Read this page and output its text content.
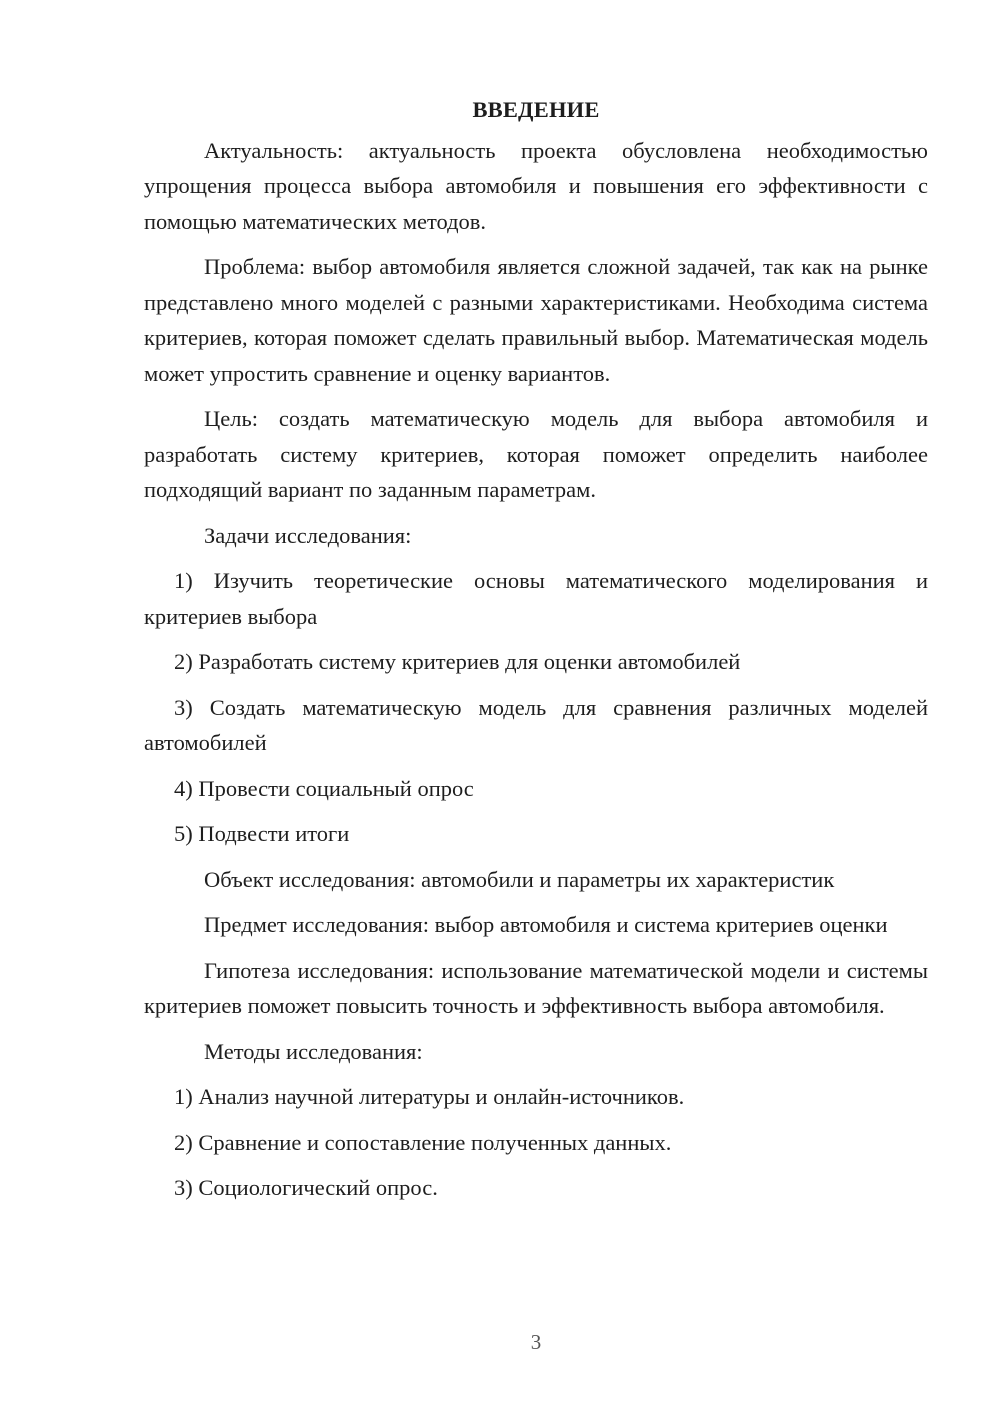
ВВЕДЕНИЕ

Актуальность: актуальность проекта обусловлена необходимостью упрощения процесса выбора автомобиля и повышения его эффективности с помощью математических методов.

Проблема: выбор автомобиля является сложной задачей, так как на рынке представлено много моделей с разными характеристиками. Необходима система критериев, которая поможет сделать правильный выбор. Математическая модель может упростить сравнение и оценку вариантов.

Цель: создать математическую модель для выбора автомобиля и разработать систему критериев, которая поможет определить наиболее подходящий вариант по заданным параметрам.

Задачи исследования:

1) Изучить теоретические основы математического моделирования и критериев выбора

2) Разработать систему критериев для оценки автомобилей

3) Создать математическую модель для сравнения различных моделей автомобилей

4) Провести социальный опрос

5) Подвести итоги

Объект исследования: автомобили и параметры их характеристик

Предмет исследования: выбор автомобиля и система критериев оценки

Гипотеза исследования: использование математической модели и системы критериев поможет повысить точность и эффективность выбора автомобиля.

Методы исследования:

1) Анализ научной литературы и онлайн-источников.

2) Сравнение и сопоставление полученных данных.

3) Социологический опрос.

3
